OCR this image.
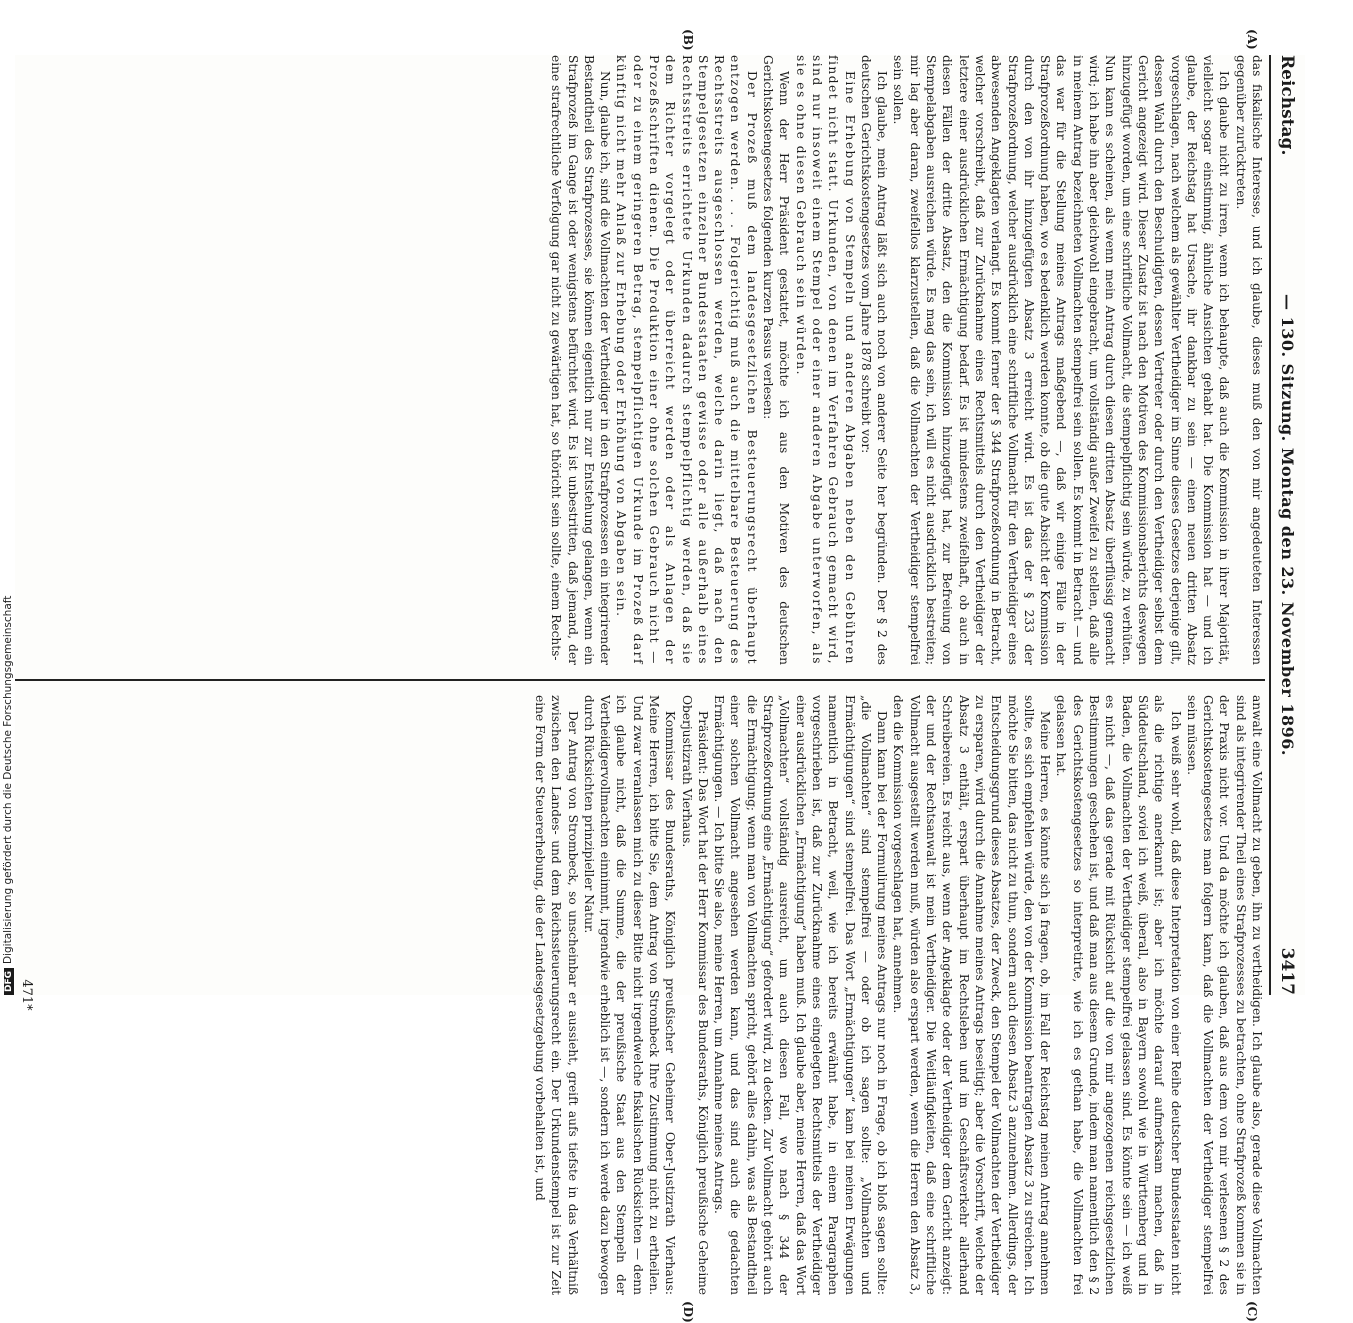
DFGDigitalisierung gefördert durch die Deutsche Forschungsgemeinschaft
Reichstag.
— 130. Sitzung. Montag den 23. November 1896.
3417

das fiskalische Interesse, und ich glaube, dieses muß den von mir angedeuteten Interessen gegenüber zurücktreten.

Ich glaube nicht zu irren, wenn ich behaupte, daß auch die Kommission in ihrer Majorität, vielleicht sogar einstimmig, ähnliche Ansichten gehabt hat. Die Kommission hat — und ich glaube, der Reichstag hat Ursache, ihr dankbar zu sein — einen neuen dritten Absatz vorgeschlagen, nach welchem als gewählter Vertheidiger im Sinne dieses Gesetzes derjenige gilt, dessen Wahl durch den Beschuldigten, dessen Vertreter oder durch den Vertheidiger selbst dem Gericht angezeigt wird. Dieser Zusatz ist nach den Motiven des Kommissionsberichts deswegen hinzugefügt worden, um eine schriftliche Vollmacht, die stempelpflichtig sein würde, zu verhüten. Nun kann es scheinen, als wenn mein Antrag durch diesen dritten Absatz überflüssig gemacht wird; ich habe ihn aber gleichwohl eingebracht, um vollständig außer Zweifel zu stellen, daß alle in meinem Antrag bezeichneten Vollmachten stempelfrei sein sollen. Es kommt in Betracht — und das war für die Stellung meines Antrags maßgebend —, daß wir einige Fälle in der Strafprozeßordnung haben, wo es bedenklich werden konnte, ob die gute Absicht der Kommission durch den von ihr hinzugefügten Absatz 3 erreicht wird. Es ist das der § 233 der Strafprozeßordnung, welcher ausdrücklich eine schriftliche Vollmacht für den Vertheidiger eines abwesenden Angeklagten verlangt. Es kommt ferner der § 344 Strafprozeßordnung in Betracht, welcher vorschreibt, daß zur Zurücknahme eines Rechtsmittels durch den Vertheidiger der letztere einer ausdrücklichen Ermächtigung bedarf. Es ist mindestens zweifelhaft, ob auch in diesen Fällen der dritte Absatz, den die Kommission hinzugefügt hat, zur Befreiung von Stempelabgaben ausreichen würde. Es mag das sein, ich will es nicht ausdrücklich bestreiten; mir lag aber daran, zweifellos klarzustellen, daß die Vollmachten der Vertheidiger stempelfrei sein sollen.

Ich glaube, mein Antrag läßt sich auch noch von anderer Seite her begründen. Der § 2 des deutschen Gerichtskostengesetzes vom Jahre 1878 schreibt vor:

Eine Erhebung von Stempeln und anderen Abgaben neben den Gebühren findet nicht statt. Urkunden, von denen im Verfahren Gebrauch gemacht wird, sind nur insoweit einem Stempel oder einer anderen Abgabe unterworfen, als sie es ohne diesen Gebrauch sein würden.

Wenn der Herr Präsident gestattet, möchte ich aus den Motiven des deutschen Gerichtskostengesetzes folgenden kurzen Passus verlesen:

Der Prozeß muß dem landesgesetzlichen Besteuerungsrecht überhaupt entzogen werden. . . . Folgerichtig muß auch die mittelbare Besteuerung des Rechtsstreits ausgeschlossen werden, welche darin liegt, daß nach den Stempelgesetzen einzelner Bundesstaaten gewisse oder alle außerhalb eines Rechtsstreits errichtete Urkunden dadurch stempelpflichtig werden, daß sie dem Richter vorgelegt oder überreicht werden oder als Anlagen der Prozeßschriften dienen. Die Produktion einer ohne solchen Gebrauch nicht — oder zu einem geringeren Betrag, stempelpflichtigen Urkunde im Prozeß darf künftig nicht mehr Anlaß zur Erhebung oder Erhöhung von Abgaben sein.

Nun, glaube ich, sind die Vollmachten der Vertheidiger in den Strafprozessen ein integrirender Bestandtheil des Strafprozesses, sie können eigentlich nur zur Entstehung gelangen, wenn ein Strafprozeß im Gange ist oder wenigstens befürchtet wird. Es ist unbestritten, daß jemand, der eine strafrechtliche Verfolgung gar nicht zu gewärtigen hat, so thöricht sein sollte, einem Rechts-

anwalt eine Vollmacht zu geben, ihn zu vertheidigen. Ich glaube also, gerade diese Vollmachten sind als integrirender Theil eines Strafprozesses zu betrachten, ohne Strafprozeß kommen sie in der Praxis nicht vor. Und da möchte ich glauben, daß aus dem von mir verlesenen § 2 des Gerichtskostengesetzes man folgern kann, daß die Vollmachten der Vertheidiger stempelfrei sein müssen.

Ich weiß sehr wohl, daß diese Interpretation von einer Reihe deutscher Bundesstaaten nicht als die richtige anerkannt ist; aber ich möchte darauf aufmerksam machen, daß in Süddeutschland, soviel ich weiß, überall, also in Bayern sowohl wie in Württemberg und in Baden, die Vollmachten der Vertheidiger stempelfrei gelassen sind. Es könnte sein — ich weiß es nicht —, daß das gerade mit Rücksicht auf die von mir angezogenen reichsgesetzlichen Bestimmungen geschehen ist, und daß man aus diesem Grunde, indem man namentlich den § 2 des Gerichtskostengesetzes so interpretirte, wie ich es gethan habe, die Vollmachten frei gelassen hat.

Meine Herren, es könnte sich ja fragen, ob, im Fall der Reichstag meinen Antrag annehmen sollte, es sich empfehlen würde, den von der Kommission beantragten Absatz 3 zu streichen. Ich möchte Sie bitten, das nicht zu thun, sondern auch diesen Absatz 3 anzunehmen. Allerdings, der Entscheidungsgrund dieses Absatzes, der Zweck, den Stempel der Vollmachten der Vertheidiger zu ersparen, wird durch die Annahme meines Antrags beseitigt; aber die Vorschrift, welche der Absatz 3 enthält, erspart überhaupt im Rechtsleben und im Geschäftsverkehr allerhand Schreibereien. Es reicht aus, wenn der Angeklagte oder der Vertheidiger dem Gericht anzeigt: der und der Rechtsanwalt ist mein Vertheidiger. Die Weitläufigkeiten, daß eine schriftliche Vollmacht ausgestellt werden muß, würden also erspart werden, wenn die Herren den Absatz 3, den die Kommission vorgeschlagen hat, annehmen.

Dann kann bei der Formulirung meines Antrags nur noch in Frage, ob ich bloß sagen sollte: „die Vollmachten“ sind stempelfrei — oder ob ich sagen sollte: „Vollmachten und Ermächtigungen“ sind stempelfrei. Das Wort „Ermächtigungen“ kam bei meinen Erwägungen namentlich in Betracht, weil, wie ich bereits erwähnt habe, in einem Paragraphen vorgeschrieben ist, daß zur Zurücknahme eines eingelegten Rechtsmittels der Vertheidiger einer ausdrücklichen „Ermächtigung“ haben muß. Ich glaube aber, meine Herren, daß das Wort „Vollmachten“ vollständig ausreicht, um auch diesen Fall, wo nach § 344 der Strafprozeßordnung eine „Ermächtigung“ gefordert wird, zu decken. Zur Vollmacht gehört auch die Ermächtigung; wenn man von Vollmachten spricht, gehört alles dahin, was als Bestandtheil einer solchen Vollmacht angesehen werden kann, und das sind auch die gedachten Ermächtigungen. — Ich bitte Sie also, meine Herren, um Annahme meines Antrags.

Präsident: Das Wort hat der Herr Kommissar des Bundesraths, Königlich preußische Geheime Oberjustizrath Vierhaus.

Kommissar des Bundesraths, Königlich preußischer Geheimer Ober-Justizrath Vierhaus: Meine Herren, ich bitte Sie, dem Antrag von Strombeck Ihre Zustimmung nicht zu ertheilen. Und zwar veranlassen mich zu dieser Bitte nicht irgendwelche fiskalischen Rücksichten — denn ich glaube nicht, daß die Summe, die der preußische Staat aus den Stempeln der Vertheidigervollmachten einnimmt, irgendwie erheblich ist —, sondern ich werde dazu bewogen durch Rücksichten prinzipieller Natur.

Der Antrag von Strombeck, so unscheinbar er aussieht, greift aufs tiefste in das Verhältniß zwischen den Landes- und dem Reichssteuerungsrecht ein. Der Urkundenstempel ist zur Zeit eine Form der Steuererhebung, die der Landesgesetzgebung vorbehalten ist, und

(A)
(B)
(C)
(D)
471*
